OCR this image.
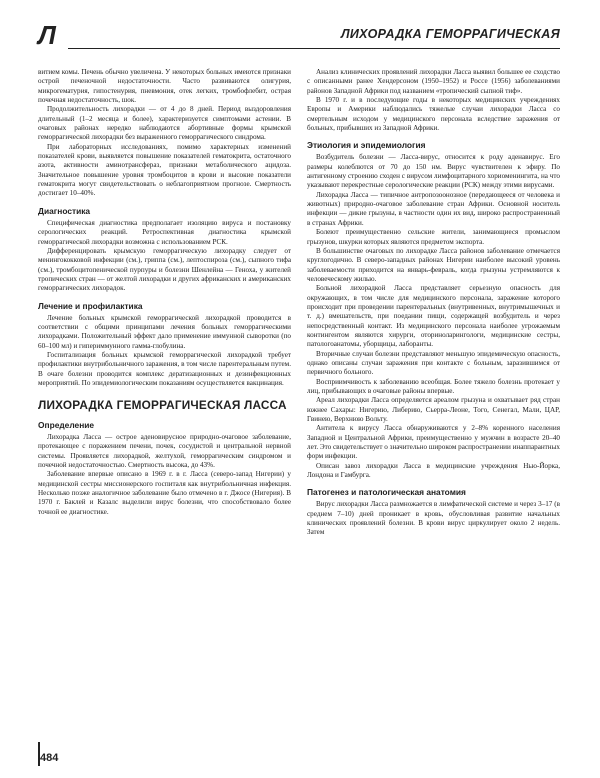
Л	ЛИХОРАДКА ГЕМОРРАГИЧЕСКАЯ

витием комы. Печень обычно увеличена. У некоторых больных имеются признаки острой печеночной недостаточности. Часто развиваются олигурия, микрогематурия, гипостенурия, пневмония, отек легких, тромбофлебит, острая почечная недостаточность, шок.

Продолжительность лихорадки — от 4 до 8 дней. Период выздоровления длительный (1–2 месяца и более), характеризуется симптомами астении. В очаговых районах нередко наблюдаются абортивные формы крымской геморрагической лихорадки без выраженного геморрагического синдрома.

При лабораторных исследованиях, помимо характерных изменений показателей крови, выявляется повышение показателей гематокрита, остаточного азота, активности аминотрансфераз, признаки метаболического ацидоза. Значительное повышение уровня тромбоцитов в крови и высокие показатели гематокрита могут свидетельствовать о неблагоприятном прогнозе. Смертность достигает 10–40%.

Диагностика

Специфическая диагностика предполагает изоляцию вируса и постановку серологических реакций. Ретроспективная диагностика крымской геморрагической лихорадки возможна с использованием РСК.

Дифференцировать крымскую геморрагическую лихорадку следует от менингококковой инфекции (см.), гриппа (см.), лептоспироза (см.), сыпного тифа (см.), тромбоцитопенической пурпуры и болезни Шенлейна — Геноха, у жителей тропических стран — от желтой лихорадки и других африканских и американских геморрагических лихорадок.

Лечение и профилактика

Лечение больных крымской геморрагической лихорадкой проводится в соответствии с общими принципами лечения больных геморрагическими лихорадками. Положительный эффект дало применение иммунной сыворотки (по 60–100 мл) и гипериммунного гамма-глобулина.

Госпитализация больных крымской геморрагической лихорадкой требует профилактики внутрибольничного заражения, в том числе парентеральным путем. В очаге болезни проводится комплекс дератизационных и дезинфекционных мероприятий. По эпидемиологическим показаниям осуществляется вакцинация.

ЛИХОРАДКА ГЕМОРРАГИЧЕСКАЯ ЛАССА
Определение

Лихорадка Ласса — острое аденовирусное природно-очаговое заболевание, протекающее с поражением печени, почек, сосудистой и центральной нервной системы. Проявляется лихорадкой, желтухой, геморрагическим синдромом и почечной недостаточностью. Смертность высока, до 43%.

Заболевание впервые описано в 1969 г. в г. Ласса (северо-запад Нигерии) у медицинской сестры миссионерского госпиталя как внутрибольничная инфекция. Несколько позже аналогичное заболевание было отмечено в г. Джосе (Нигерия). В 1970 г. Баклей и Казалс выделили вирус болезни, что способствовало более точной ее диагностике.

Анализ клинических проявлений лихорадки Ласса выявил большее ее сходство с описанными ранее Хендерсоном (1950–1952) и Россе (1956) заболеваниями районов Западной Африки под названием «тропический сыпной тиф».

В 1970 г. и в последующие годы в некоторых медицинских учреждениях Европы и Америки наблюдались тяжелые случаи лихорадки Ласса со смертельным исходом у медицинского персонала вследствие заражения от больных, прибывших из Западной Африки.

Этиология и эпидемиология

Возбудитель болезни — Ласса-вирус, относится к роду аденавирус. Его размеры колеблются от 70 до 150 нм. Вирус чувствителен к эфиру. По антигенному строению сходен с вирусом лимфоцитарного хориоменингита, на что указывают перекрестные серологические реакции (РСК) между этими вирусами.

Лихорадка Ласса — типичное антропозоонозное (передающееся от человека и животных) природно-очаговое заболевание стран Африки. Основной носитель инфекции — дикие грызуны, в частности один их вид, широко распространенный в странах Африки.

Болеют преимущественно сельские жители, занимающиеся промыслом грызунов, шкурки которых являются предметом экспорта.

В большинстве очаговых по лихорадке Ласса районов заболевание отмечается круглогодично. В северо-западных районах Нигерии наиболее высокий уровень заболеваемости приходится на январь-февраль, когда грызуны устремляются к человеческому жилью.

Больной лихорадкой Ласса представляет серьезную опасность для окружающих, в том числе для медицинского персонала, заражение которого происходит при проведении парентеральных (внутривенных, внутримышечных и т. д.) вмешательств, при поедании пищи, содержащей возбудитель и через непосредственный контакт. Из медицинского персонала наиболее угрожаемым контингентом являются хирурги, оториноларингологи, медицинские сестры, патологоанатомы, уборщицы, лаборанты.

Вторичные случаи болезни представляют меньшую эпидемическую опасность, однако описаны случаи заражения при контакте с больным, заразившимся от первичного больного.

Восприимчивость к заболеванию всеобщая. Более тяжело болезнь протекает у лиц, прибывающих в очаговые районы впервые.

Ареал лихорадки Ласса определяется ареалом грызуна и охватывает ряд стран южнее Сахары: Нигерию, Либерию, Сьерра-Леоне, Того, Сенегал, Мали, ЦАР, Гвинею, Верхнюю Вольту.

Антитела к вирусу Ласса обнаруживаются у 2–8% коренного населения Западной и Центральной Африки, преимущественно у мужчин в возрасте 20–40 лет. Это свидетельствует о значительно широком распространении инаппарантных форм инфекции.

Описан завоз лихорадки Ласса в медицинские учреждения Нью-Йорка, Лондона и Гамбурга.

Патогенез и патологическая анатомия

Вирус лихорадки Ласса размножается в лимфатической системе и через 3–17 (в среднем 7–10) дней проникает в кровь, обусловливая развитие начальных клинических проявлений болезни. В крови вирус циркулирует около 2 недель. Затем

484
